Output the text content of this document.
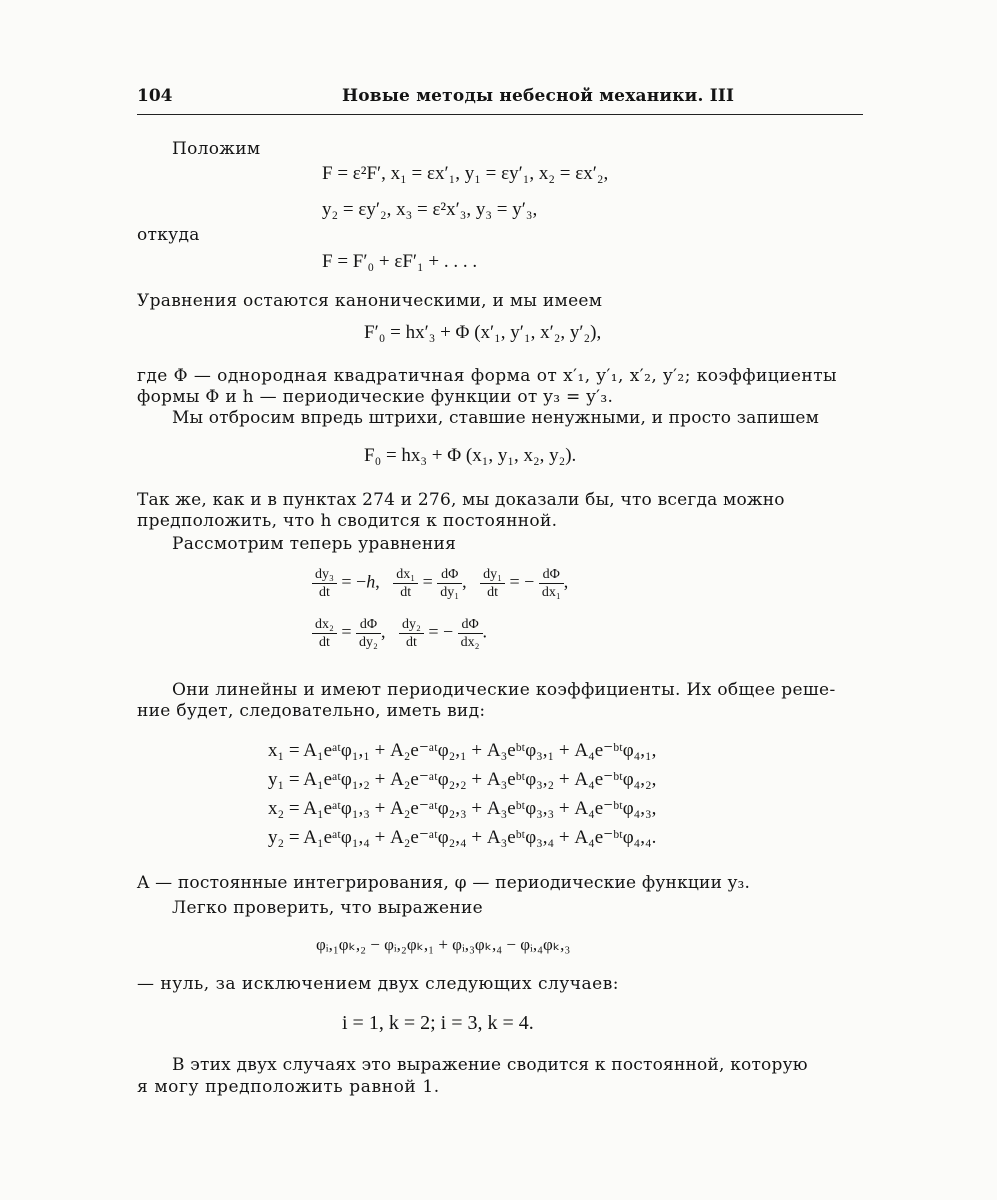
104	Новые методы небесной механики. III
Положим
F = ε²F′, x₁ = εx′₁, y₁ = εy′₁, x₂ = εx′₂,
y₂ = εy′₂, x₃ = ε²x′₃, y₃ = y′₃,
откуда
F = F′₀ + εF′₁ + . . . .
Уравнения остаются каноническими, и мы имеем
F′₀ = hx′₃ + Φ (x′₁, y′₁, x′₂, y′₂),
где Φ — однородная квадратичная форма от x′₁, y′₁, x′₂, y′₂; коэффициенты
формы Φ и h — периодические функции от y₃ = y′₃.
Мы отбросим впредь штрихи, ставшие ненужными, и просто запишем
F₀ = hx₃ + Φ (x₁, y₁, x₂, y₂).
Так же, как и в пунктах 274 и 276, мы доказали бы, что всегда можно
предположить, что h сводится к постоянной.
Рассмотрим теперь уравнения
$\frac{\text{dy₃}}{dt} = -h$, $\frac{\text{dx₁}}{dt} = \frac{d\Phi}{\text{dy₁}}$ , $\frac{\text{dy₁}}{dt}$ = − $\frac{d\Phi}{\text{dx₁}}$ ,
$\frac{\text{dx₂}}{dt} = \frac{d\Phi}{\text{dy₂}}$ , $\frac{\text{dy₂}}{dt}$ = − $\frac{d\Phi}{\text{dx₂}}$ .
Они линейны и имеют периодические коэффициенты. Их общее реше-
ние будет, следовательно, иметь вид:
x₁ = A₁eᵃᵗφ₁,₁ + A₂e⁻ᵃᵗφ₂,₁ + A₃eᵇᵗφ₃,₁ + A₄e⁻ᵇᵗφ₄,₁,
y₁ = A₁eᵃᵗφ₁,₂ + A₂e⁻ᵃᵗφ₂,₂ + A₃eᵇᵗφ₃,₂ + A₄e⁻ᵇᵗφ₄,₂,
x₂ = A₁eᵃᵗφ₁,₃ + A₂e⁻ᵃᵗφ₂,₃ + A₃eᵇᵗφ₃,₃ + A₄e⁻ᵇᵗφ₄,₃,
y₂ = A₁eᵃᵗφ₁,₄ + A₂e⁻ᵃᵗφ₂,₄ + A₃eᵇᵗφ₃,₄ + A₄e⁻ᵇᵗφ₄,₄.
A — постоянные интегрирования, φ — периодические функции y₃.
Легко проверить, что выражение
φᵢ,₁φₖ,₂ − φᵢ,₂φₖ,₁ + φᵢ,₃φₖ,₄ − φᵢ,₄φₖ,₃
— нуль, за исключением двух следующих случаев:
i = 1, k = 2; i = 3, k = 4.
В этих двух случаях это выражение сводится к постоянной, которую
я могу предположить равной 1.
